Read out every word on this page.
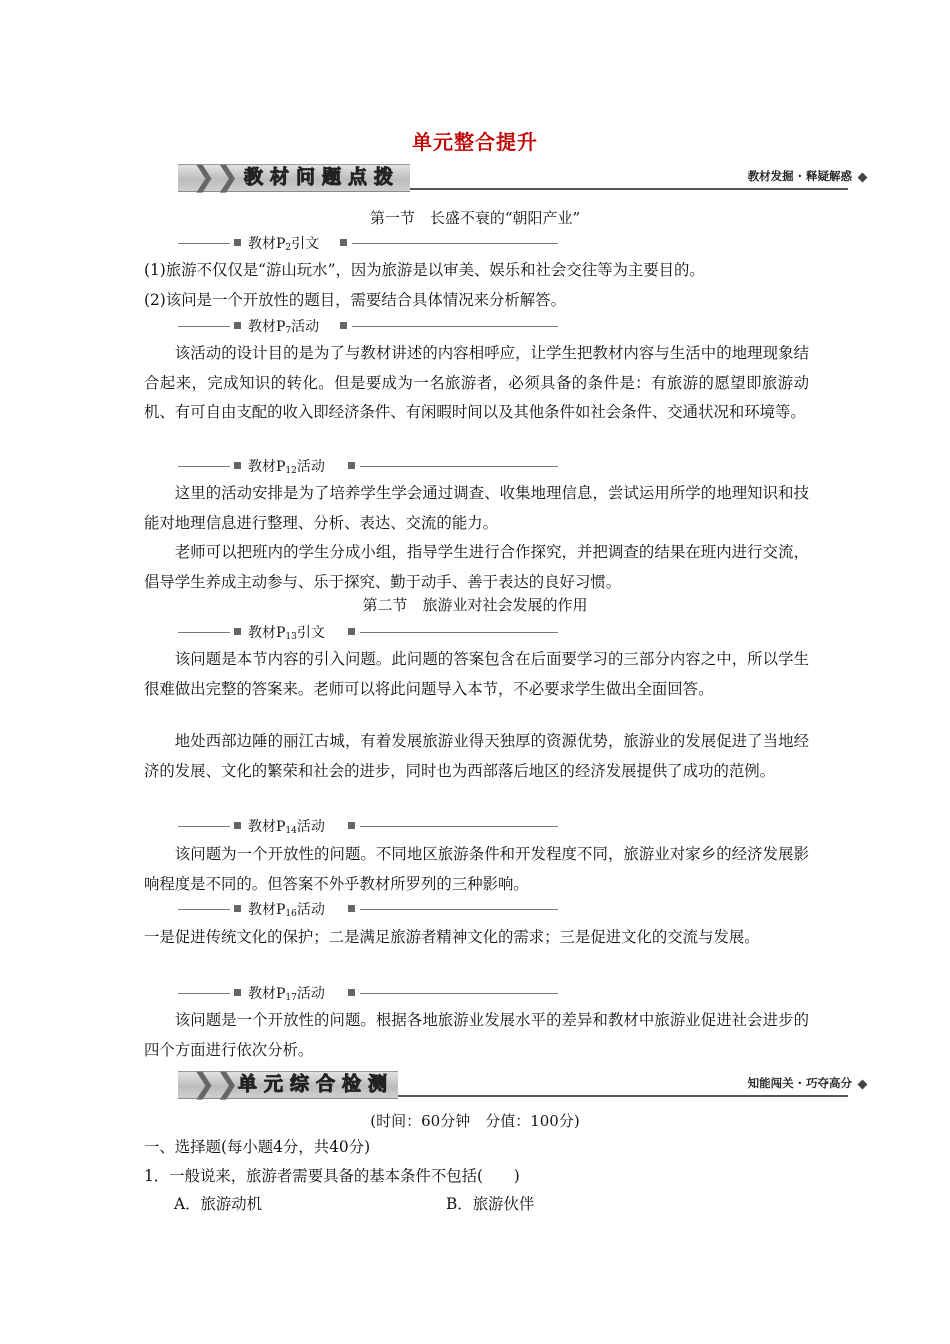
单元整合提升
❯❯ 教材问题点拨	教材发掘 · 释疑解惑
第一节　长盛不衰的“朝阳产业”
教材$P_2$引文
(1)旅游不仅仅是“游山玩水”，因为旅游是以审美、娱乐和社会交往等为主要目的。
(2)该问是一个开放性的题目，需要结合具体情况来分析解答。
教材$P_7$活动
该活动的设计目的是为了与教材讲述的内容相呼应，让学生把教材内容与生活中的地理现象结合起来，完成知识的转化。但是要成为一名旅游者，必须具备的条件是：有旅游的愿望即旅游动机、有可自由支配的收入即经济条件、有闲暇时间以及其他条件如社会条件、交通状况和环境等。
教材$P_{12}$活动
这里的活动安排是为了培养学生学会通过调查、收集地理信息，尝试运用所学的地理知识和技能对地理信息进行整理、分析、表达、交流的能力。
老师可以把班内的学生分成小组，指导学生进行合作探究，并把调查的结果在班内进行交流，倡导学生养成主动参与、乐于探究、勤于动手、善于表达的良好习惯。
第二节　旅游业对社会发展的作用
教材$P_{13}$引文
该问题是本节内容的引入问题。此问题的答案包含在后面要学习的三部分内容之中，所以学生很难做出完整的答案来。老师可以将此问题导入本节，不必要求学生做出全面回答。
地处西部边陲的丽江古城，有着发展旅游业得天独厚的资源优势，旅游业的发展促进了当地经济的发展、文化的繁荣和社会的进步，同时也为西部落后地区的经济发展提供了成功的范例。
教材$P_{14}$活动
该问题为一个开放性的问题。不同地区旅游条件和开发程度不同，旅游业对家乡的经济发展影响程度是不同的。但答案不外乎教材所罗列的三种影响。
教材$P_{16}$活动
一是促进传统文化的保护；二是满足旅游者精神文化的需求；三是促进文化的交流与发展。
教材$P_{17}$活动
该问题是一个开放性的问题。根据各地旅游业发展水平的差异和教材中旅游业促进社会进步的四个方面进行依次分析。
❯❯ 单元综合检测	知能闯关 · 巧夺高分
(时间：60分钟　分值：100分)
一、选择题(每小题4分，共40分)
1．一般说来，旅游者需要具备的基本条件不包括(　　)
A．旅游动机	B．旅游伙伴
